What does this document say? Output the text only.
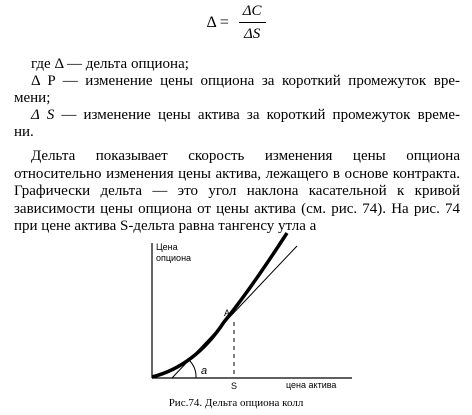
$\Delta = \frac{\Delta C}{\Delta S}$
где Δ — дельта опциона;
Δ P — изменение цены опциона за короткий промежуток вре-
мени;
Δ S — изменение цены актива за короткий промежуток време-
ни.
Дельта показывает скорость изменения цены опциона относительно изменения цены актива, лежащего в основе контракта. Графически дельта — это угол наклона касательной к кривой зависимости цены опциона от цены актива (см. рис. 74). На рис. 74 при цене актива S-дельта равна тангенсу утла a
Цена
опциона
цена актива
A
S
a
Рис.74. Дельта опциона колл
